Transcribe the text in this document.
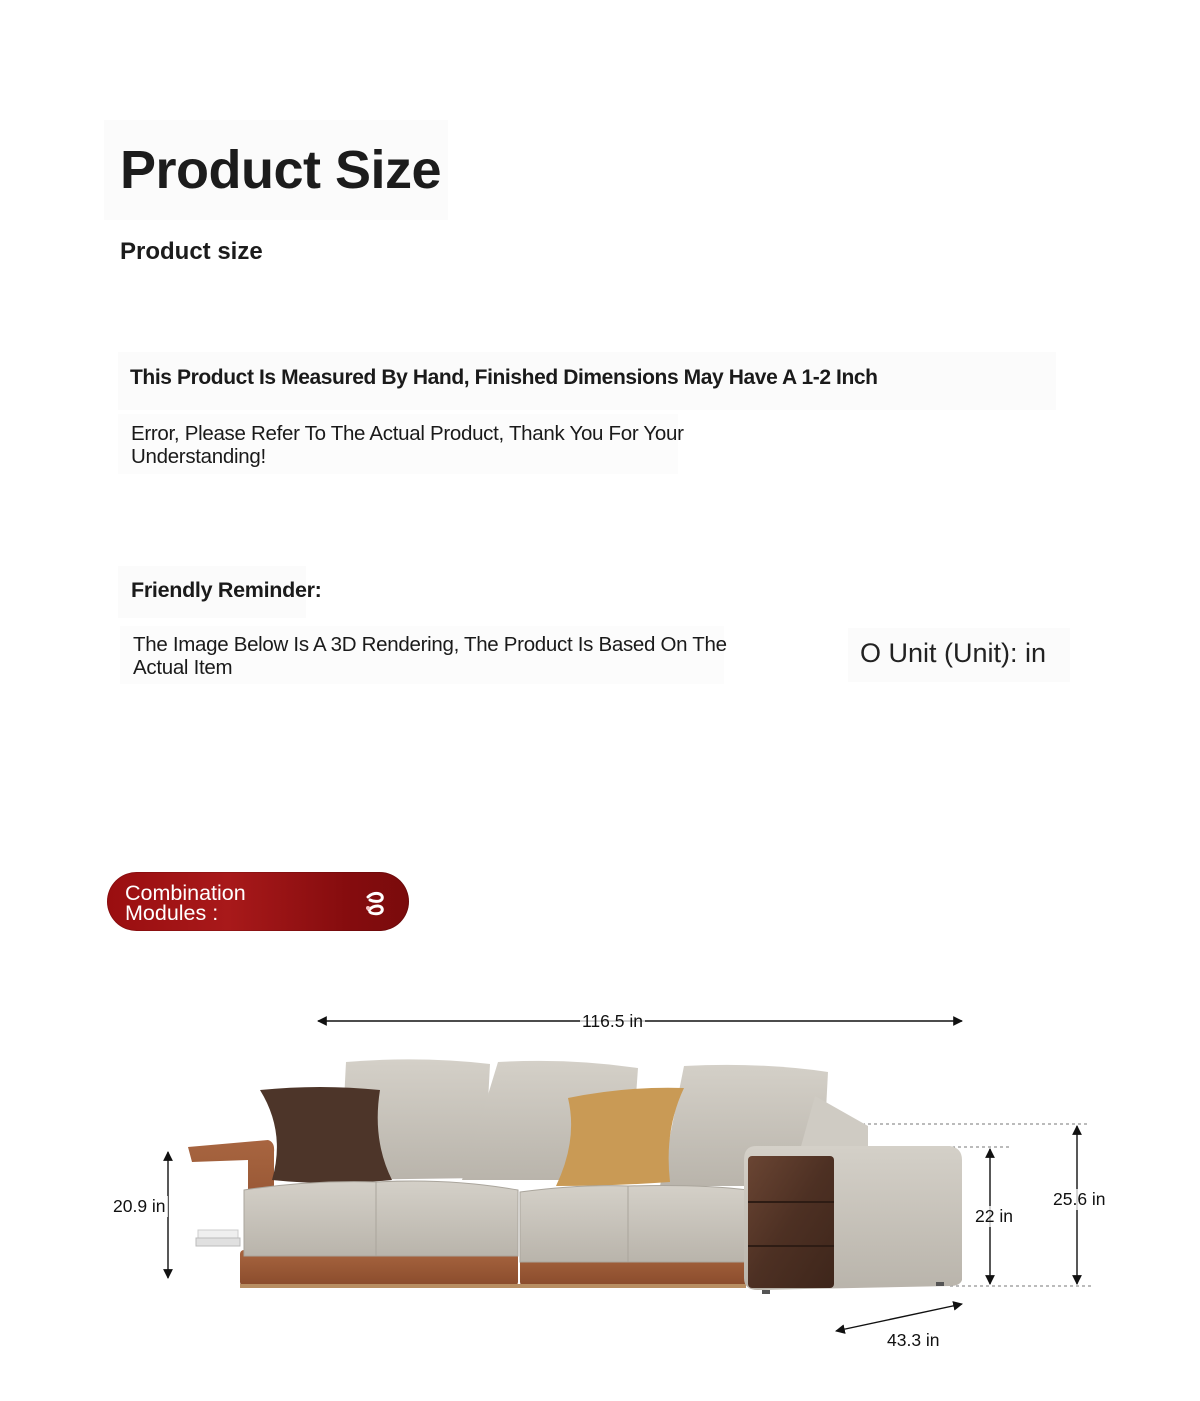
Product Size
Product size
This Product Is Measured By Hand, Finished Dimensions May Have A 1-2 Inch

Error, Please Refer To The Actual Product, Thank You For Your Understanding!

Friendly Reminder:

The Image Below Is A 3D Rendering, The Product Is Based On The Actual Item	O Unit (Unit): in

Combination Modules :

116.5 in
20.9 in	22 in
25.6 in
43.3 in
